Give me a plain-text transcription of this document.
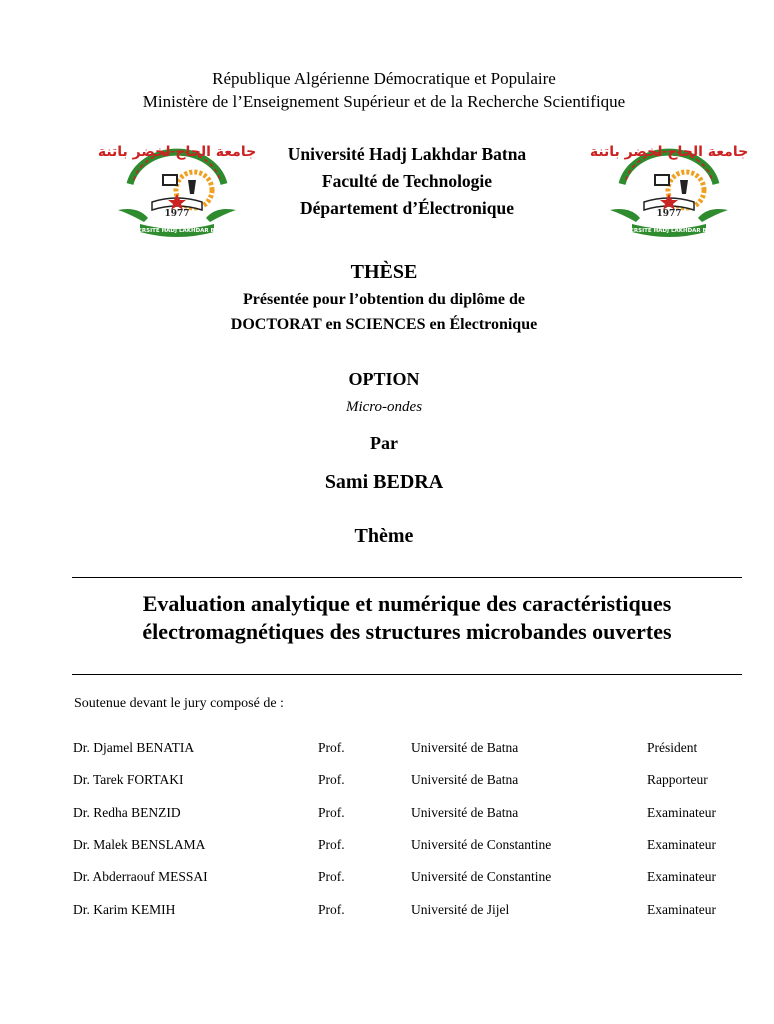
République Algérienne Démocratique et Populaire
Ministère de l’Enseignement Supérieur et de la Recherche Scientifique
جامعة الحاج لخضر باتنة
1977
UNIVERSITE HADJ LAKHDAR BATNA
جامعة الحاج لخضر باتنة
1977
UNIVERSITE HADJ LAKHDAR BATNA
Université Hadj Lakhdar Batna
Faculté de Technologie
Département d’Électronique
THÈSE
Présentée pour l’obtention du diplôme de
DOCTORAT en SCIENCES en Électronique
OPTION
Micro-ondes
Par
Sami BEDRA
Thème
Evaluation analytique et numérique des caractéristiques
électromagnétiques des structures microbandes ouvertes
Soutenue devant le jury composé de :
Dr. Djamel BENATIA	Prof.	Université de Batna	Président
Dr. Tarek FORTAKI	Prof.	Université de Batna	Rapporteur
Dr. Redha BENZID	Prof.	Université de Batna	Examinateur
Dr. Malek BENSLAMA	Prof.	Université de Constantine	Examinateur
Dr. Abderraouf MESSAI	Prof.	Université de Constantine	Examinateur
Dr. Karim KEMIH	Prof.	Université de Jijel	Examinateur
